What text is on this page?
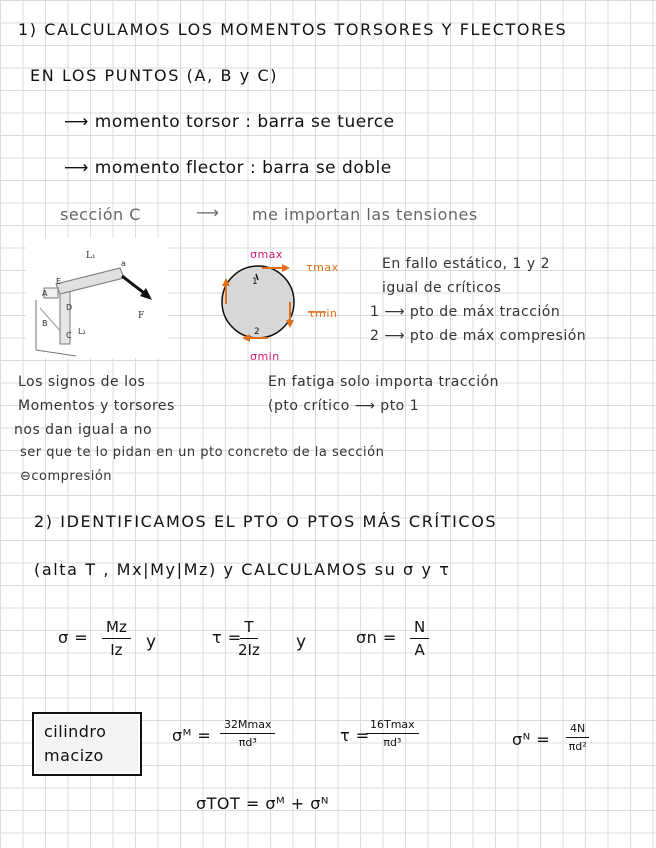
1) CALCULAMOS LOS MOMENTOS TORSORES Y FLECTORES
EN LOS PUNTOS (A, B y C)
⟶ momento torsor : barra se tuerce
⟶ momento flector : barra se doble
sección C	⟶ me importan las tensiones
L₁
F
a
E
A
D
B
L₂
C
1
2
σmax
τmax
τmin
σmin
En fallo estático, 1 y 2
igual de críticos
1 ⟶ pto de máx tracción
2 ⟶ pto de máx compresión
Los signos de los
Momentos y torsores
nos dan igual a no
ser que te lo pidan en un pto concreto de la sección
⊖compresión
En fatiga solo importa tracción
(pto crítico ⟶ pto 1
2) IDENTIFICAMOS EL PTO O PTOS MÁS CRÍTICOS
(alta T , Mx|My|Mz) y CALCULAMOS su σ y τ
$\sigma = \frac{Mz}{Iz}$ y	τ =
$\frac{T}{2Iz}$ y	$\sigma n = \frac{N}{A}$
cilindro
macizo
σᴹ =
32Mmax
πd³	τ =
16Tmax
πd³	σᴺ = $\frac{4N}{\text{πd²}}$
σTOT = σᴹ + σᴺ
